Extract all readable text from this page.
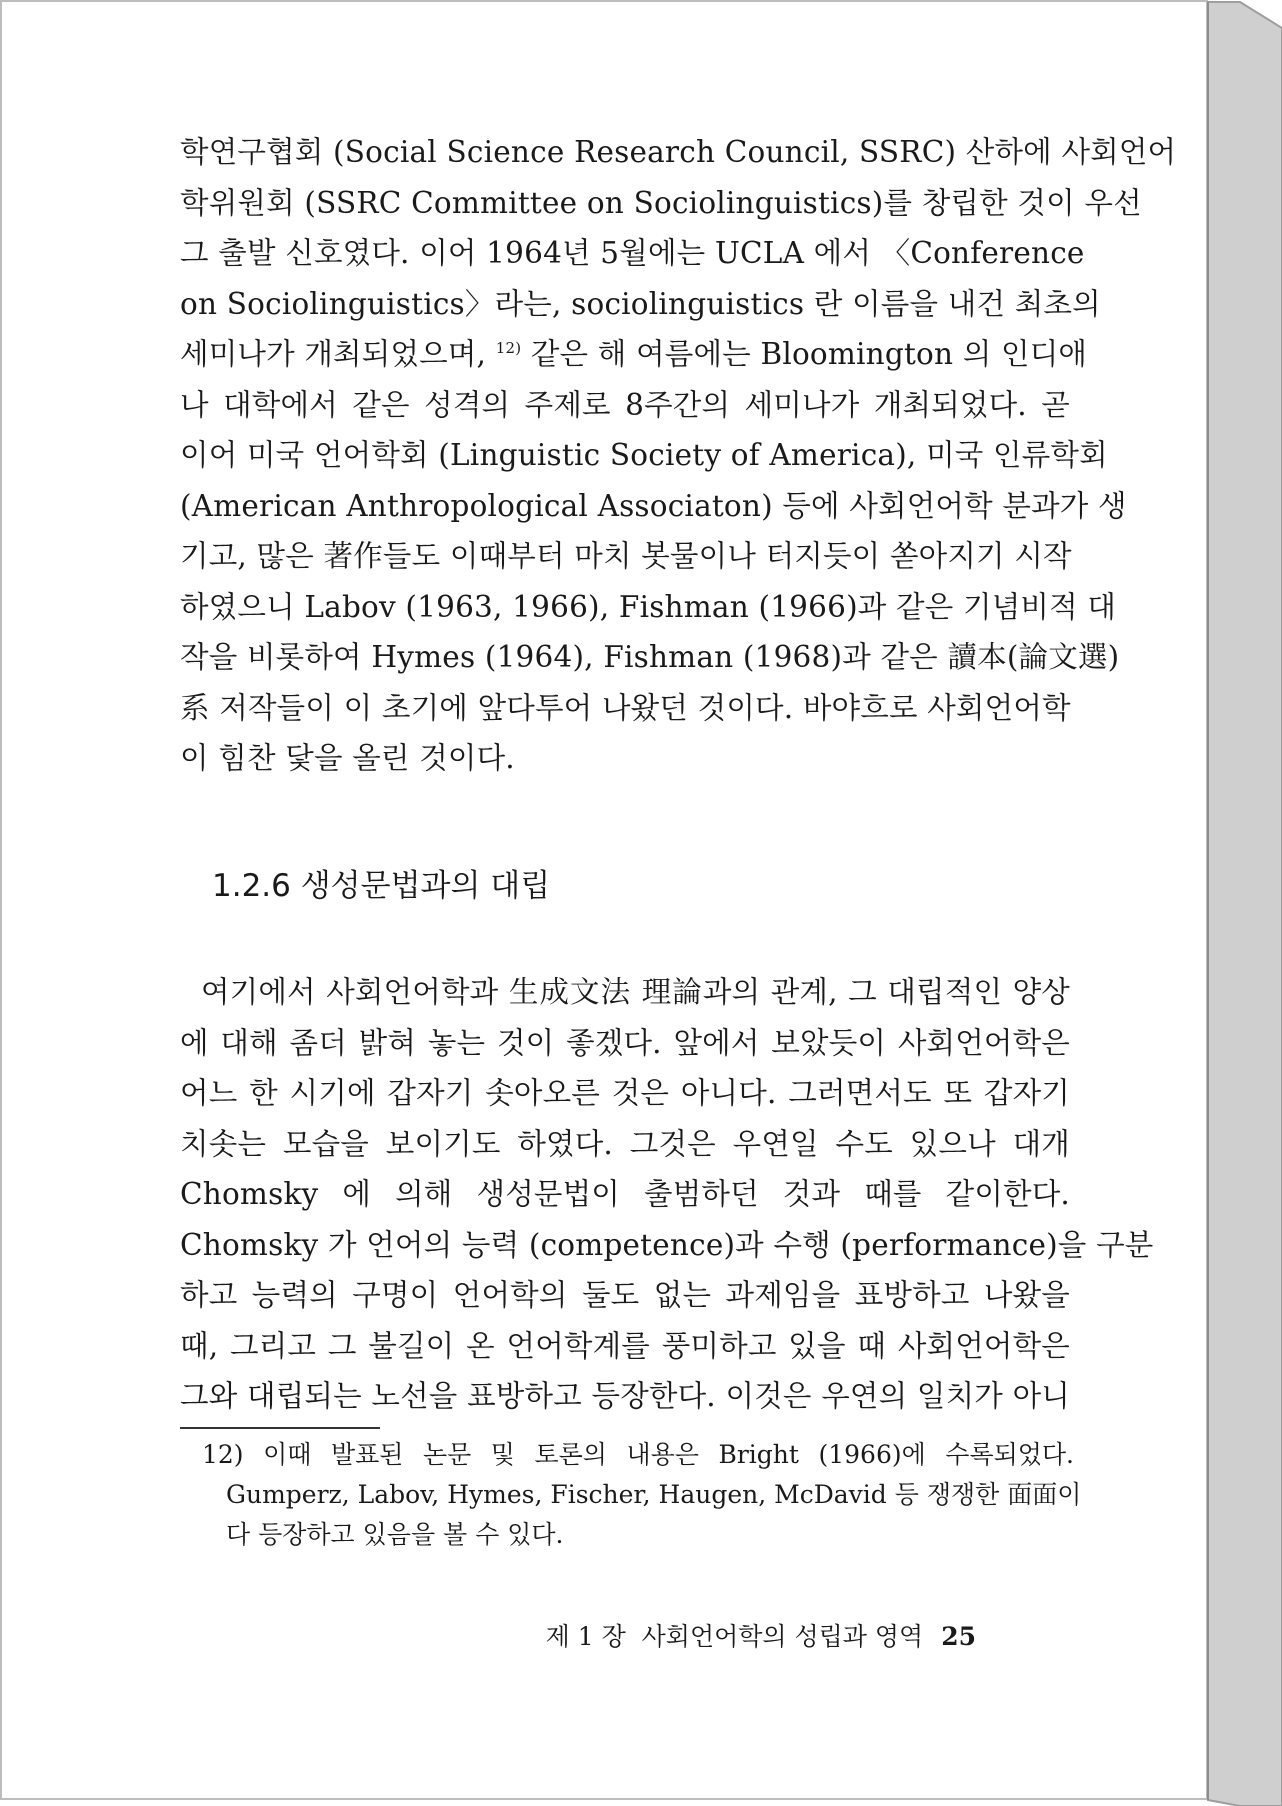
학연구협회 (Social Science Research Council, SSRC) 산하에 사회언어
학위원회 (SSRC Committee on Sociolinguistics)를 창립한 것이 우선
그 출발 신호였다. 이어 1964년 5월에는 UCLA 에서 〈Conference
on Sociolinguistics〉라는, sociolinguistics 란 이름을 내건 최초의
세미나가 개최되었으며, $^{12)}$ 같은 해 여름에는 Bloomington 의 인디애
나 대학에서 같은 성격의 주제로 8주간의 세미나가 개최되었다. 곧
이어 미국 언어학회 (Linguistic Society of America), 미국 인류학회
(American Anthropological Associaton) 등에 사회언어학 분과가 생
기고, 많은 著作들도 이때부터 마치 봇물이나 터지듯이 쏟아지기 시작
하였으니 Labov (1963, 1966), Fishman (1966)과 같은 기념비적 대
작을 비롯하여 Hymes (1964), Fishman (1968)과 같은 讀本(論文選)
系 저작들이 이 초기에 앞다투어 나왔던 것이다. 바야흐로 사회언어학
이 힘찬 닻을 올린 것이다.
1.2.6 생성문법과의 대립
여기에서 사회언어학과 生成文法 理論과의 관계, 그 대립적인 양상
에 대해 좀더 밝혀 놓는 것이 좋겠다. 앞에서 보았듯이 사회언어학은
어느 한 시기에 갑자기 솟아오른 것은 아니다. 그러면서도 또 갑자기
치솟는 모습을 보이기도 하였다. 그것은 우연일 수도 있으나 대개
Chomsky 에 의해 생성문법이 출범하던 것과 때를 같이한다.
Chomsky 가 언어의 능력 (competence)과 수행 (performance)을 구분
하고 능력의 구명이 언어학의 둘도 없는 과제임을 표방하고 나왔을
때, 그리고 그 불길이 온 언어학계를 풍미하고 있을 때 사회언어학은
그와 대립되는 노선을 표방하고 등장한다. 이것은 우연의 일치가 아니
12) 이때 발표된 논문 및 토론의 내용은 Bright (1966)에 수록되었다.
Gumperz, Labov, Hymes, Fischer, Haugen, McDavid 등 쟁쟁한 面面이
다 등장하고 있음을 볼 수 있다.
제 1 장  사회언어학의 성립과 영역 25
